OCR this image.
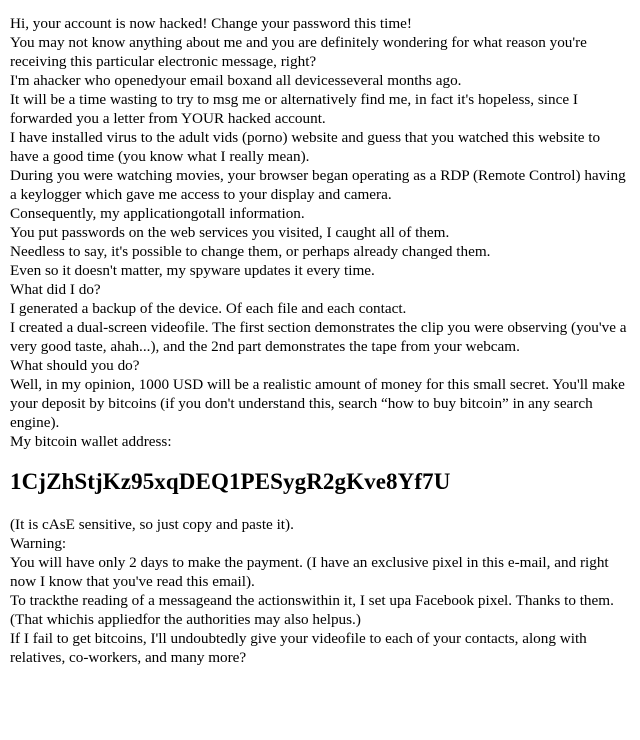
Hi, your account is now hacked! Change your password this time!

You may not know anything about me and you are definitely wondering for what reason you're receiving this particular electronic message, right?

I'm ahacker who openedyour email boxand all devicesseveral months ago.

It will be a time wasting to try to msg me or alternatively find me, in fact it's hopeless, since I forwarded you a letter from YOUR hacked account.

I have installed virus to the adult vids (porno) website and guess that you watched this website to have a good time (you know what I really mean).

During you were watching movies, your browser began operating as a RDP (Remote Control) having a keylogger which gave me access to your display and camera.

Consequently, my applicationgotall information.

You put passwords on the web services you visited, I caught all of them.

Needless to say, it's possible to change them, or perhaps already changed them.

Even so it doesn't matter, my spyware updates it every time.

What did I do?

I generated a backup of the device. Of each file and each contact.

I created a dual-screen videofile. The first section demonstrates the clip you were observing (you've a very good taste, ahah...), and the 2nd part demonstrates the tape from your webcam.

What should you do?

Well, in my opinion, 1000 USD will be a realistic amount of money for this small secret. You'll make your deposit by bitcoins (if you don't understand this, search “how to buy bitcoin” in any search engine).

My bitcoin wallet address:

1CjZhStjKz95xqDEQ1PESygR2gKve8Yf7U

(It is cAsE sensitive, so just copy and paste it).

Warning:

You will have only 2 days to make the payment. (I have an exclusive pixel in this e-mail, and right now I know that you've read this email).

To trackthe reading of a messageand the actionswithin it, I set upa Facebook pixel. Thanks to them. (That whichis appliedfor the authorities may also helpus.)

If I fail to get bitcoins, I'll undoubtedly give your videofile to each of your contacts, along with relatives, co-workers, and many more?
